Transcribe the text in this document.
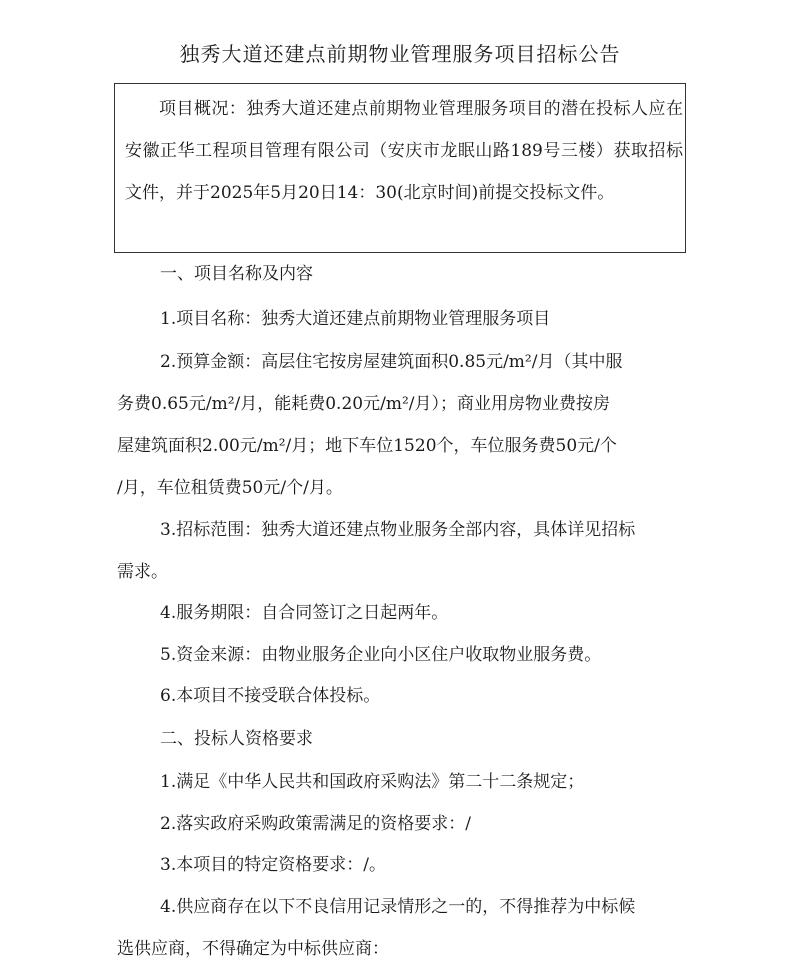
独秀大道还建点前期物业管理服务项目招标公告

项目概况：独秀大道还建点前期物业管理服务项目的潜在投标人应在安徽正华工程项目管理有限公司（安庆市龙眠山路189号三楼）获取招标文件，并于2025年5月20日14：30(北京时间)前提交投标文件。

一、项目名称及内容
1.项目名称：独秀大道还建点前期物业管理服务项目
2.预算金额：高层住宅按房屋建筑面积0.85元/m²/月（其中服
务费0.65元/m²/月，能耗费0.20元/m²/月）；商业用房物业费按房
屋建筑面积2.00元/m²/月；地下车位1520个，车位服务费50元/个
/月，车位租赁费50元/个/月。
3.招标范围：独秀大道还建点物业服务全部内容，具体详见招标
需求。
4.服务期限：自合同签订之日起两年。
5.资金来源：由物业服务企业向小区住户收取物业服务费。
6.本项目不接受联合体投标。
二、投标人资格要求
1.满足《中华人民共和国政府采购法》第二十二条规定；
2.落实政府采购政策需满足的资格要求：/
3.本项目的特定资格要求：/。
4.供应商存在以下不良信用记录情形之一的，不得推荐为中标候
选供应商，不得确定为中标供应商：
